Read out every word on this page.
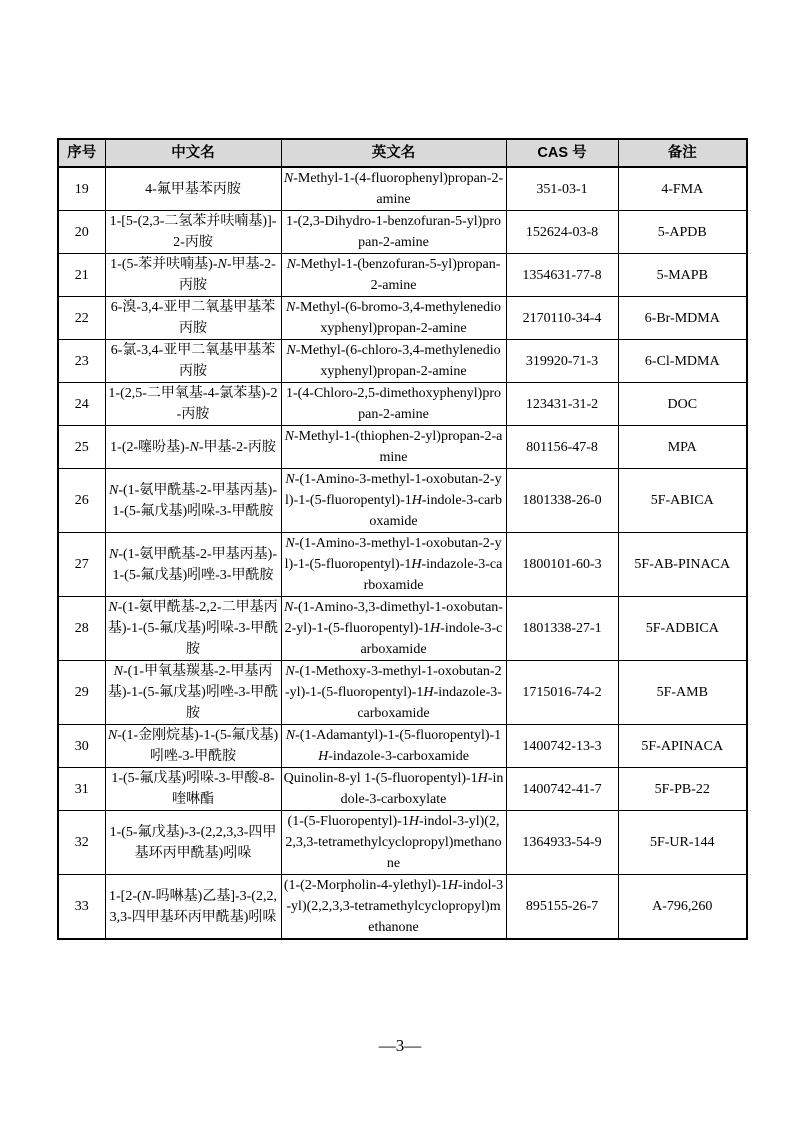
序号	中文名	英文名	CAS 号	备注
19	4-氟甲基苯丙胺	N-Methyl-1-(4-fluorophenyl)propan-2-amine	351-03-1	4-FMA
20	1-[5-(2,3-二氢苯并呋喃基)]-2-丙胺	1-(2,3-Dihydro-1-benzofuran-5-yl)propan-2-amine	152624-03-8	5-APDB
21	1-(5-苯并呋喃基)-N-甲基-2-丙胺	N-Methyl-1-(benzofuran-5-yl)propan-2-amine	1354631-77-8	5-MAPB
22	6-溴-3,4-亚甲二氧基甲基苯丙胺	N-Methyl-(6-bromo-3,4-methylenedioxyphenyl)propan-2-amine	2170110-34-4	6-Br-MDMA
23	6-氯-3,4-亚甲二氧基甲基苯丙胺	N-Methyl-(6-chloro-3,4-methylenedioxyphenyl)propan-2-amine	319920-71-3	6-Cl-MDMA
24	1-(2,5-二甲氧基-4-氯苯基)-2-丙胺	1-(4-Chloro-2,5-dimethoxyphenyl)propan-2-amine	123431-31-2	DOC
25	1-(2-噻吩基)-N-甲基-2-丙胺	N-Methyl-1-(thiophen-2-yl)propan-2-amine	801156-47-8	MPA
26	N-(1-氨甲酰基-2-甲基丙基)-1-(5-氟戊基)吲哚-3-甲酰胺	N-(1-Amino-3-methyl-1-oxobutan-2-yl)-1-(5-fluoropentyl)-1H-indole-3-carboxamide	1801338-26-0	5F-ABICA
27	N-(1-氨甲酰基-2-甲基丙基)-1-(5-氟戊基)吲唑-3-甲酰胺	N-(1-Amino-3-methyl-1-oxobutan-2-yl)-1-(5-fluoropentyl)-1H-indazole-3-carboxamide	1800101-60-3	5F-AB-PINACA
28	N-(1-氨甲酰基-2,2-二甲基丙基)-1-(5-氟戊基)吲哚-3-甲酰胺	N-(1-Amino-3,3-dimethyl-1-oxobutan-2-yl)-1-(5-fluoropentyl)-1H-indole-3-carboxamide	1801338-27-1	5F-ADBICA
29	N-(1-甲氧基羰基-2-甲基丙基)-1-(5-氟戊基)吲唑-3-甲酰胺	N-(1-Methoxy-3-methyl-1-oxobutan-2-yl)-1-(5-fluoropentyl)-1H-indazole-3-carboxamide	1715016-74-2	5F-AMB
30	N-(1-金刚烷基)-1-(5-氟戊基)吲唑-3-甲酰胺	N-(1-Adamantyl)-1-(5-fluoropentyl)-1H-indazole-3-carboxamide	1400742-13-3	5F-APINACA
31	1-(5-氟戊基)吲哚-3-甲酸-8-喹啉酯	Quinolin-8-yl 1-(5-fluoropentyl)-1H-indole-3-carboxylate	1400742-41-7	5F-PB-22
32	1-(5-氟戊基)-3-(2,2,3,3-四甲基环丙甲酰基)吲哚	(1-(5-Fluoropentyl)-1H-indol-3-yl)(2,2,3,3-tetramethylcyclopropyl)methanone	1364933-54-9	5F-UR-144
33	1-[2-(N-吗啉基)乙基]-3-(2,2,3,3-四甲基环丙甲酰基)吲哚	(1-(2-Morpholin-4-ylethyl)-1H-indol-3-yl)(2,2,3,3-tetramethylcyclopropyl)methanone	895155-26-7	A-796,260
—3—
